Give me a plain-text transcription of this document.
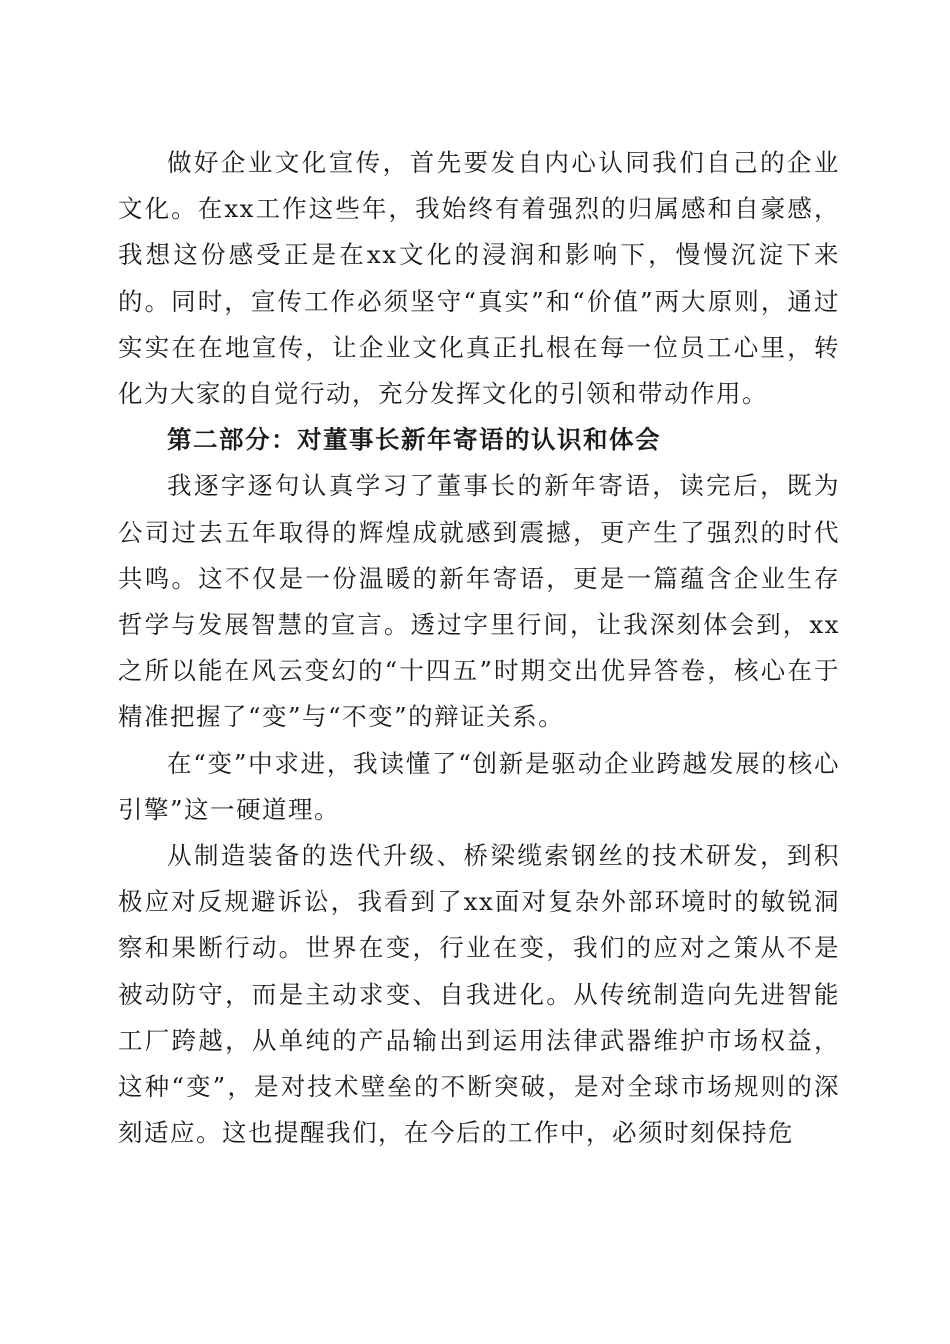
做好企业文化宣传，首先要发自内心认同我们自己的企业文化。在xx工作这些年，我始终有着强烈的归属感和自豪感，我想这份感受正是在xx文化的浸润和影响下，慢慢沉淀下来的。同时，宣传工作必须坚守“真实”和“价值”两大原则，通过实实在在地宣传，让企业文化真正扎根在每一位员工心里，转化为大家的自觉行动，充分发挥文化的引领和带动作用。

第二部分：对董事长新年寄语的认识和体会

我逐字逐句认真学习了董事长的新年寄语，读完后，既为公司过去五年取得的辉煌成就感到震撼，更产生了强烈的时代共鸣。这不仅是一份温暖的新年寄语，更是一篇蕴含企业生存哲学与发展智慧的宣言。透过字里行间，让我深刻体会到，xx之所以能在风云变幻的“十四五”时期交出优异答卷，核心在于精准把握了“变”与“不变”的辩证关系。

在“变”中求进，我读懂了“创新是驱动企业跨越发展的核心引擎”这一硬道理。

从制造装备的迭代升级、桥梁缆索钢丝的技术研发，到积极应对反规避诉讼，我看到了xx面对复杂外部环境时的敏锐洞察和果断行动。世界在变，行业在变，我们的应对之策从不是被动防守，而是主动求变、自我进化。从传统制造向先进智能工厂跨越，从单纯的产品输出到运用法律武器维护市场权益，这种“变”，是对技术壁垒的不断突破，是对全球市场规则的深刻适应。这也提醒我们，在今后的工作中，必须时刻保持危
